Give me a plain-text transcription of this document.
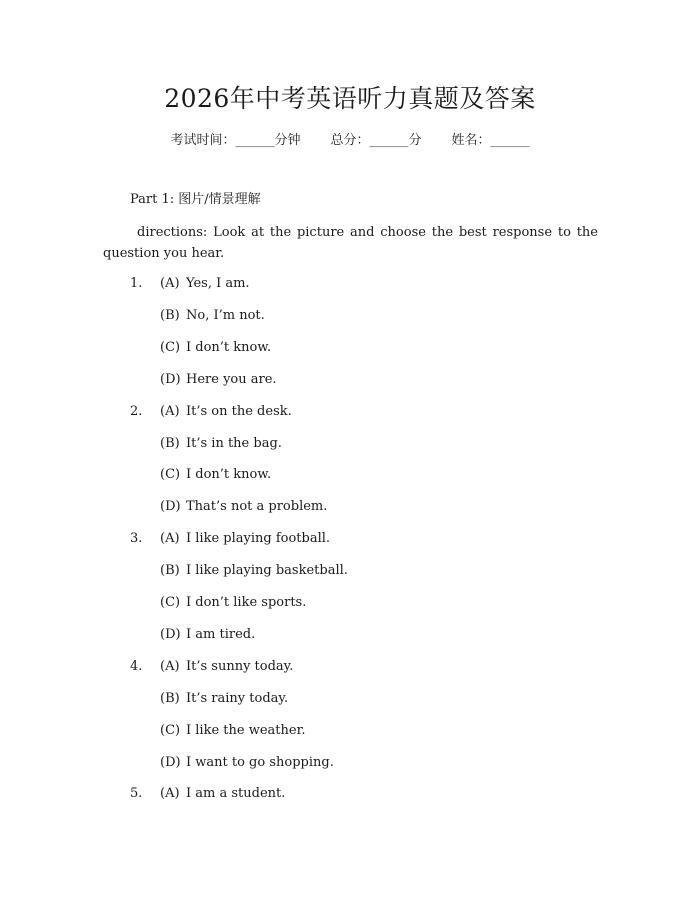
2026年中考英语听力真题及答案
考试时间：______分钟 总分：______分 姓名：______
Part 1: 图片/情景理解
directions: Look at the picture and choose the best response to the question you hear.
1. (A) Yes, I am.
(B) No, I’m not.
(C) I don’t know.
(D) Here you are.
2. (A) It’s on the desk.
(B) It’s in the bag.
(C) I don’t know.
(D) That’s not a problem.
3. (A) I like playing football.
(B) I like playing basketball.
(C) I don’t like sports.
(D) I am tired.
4. (A) It’s sunny today.
(B) It’s rainy today.
(C) I like the weather.
(D) I want to go shopping.
5. (A) I am a student.
